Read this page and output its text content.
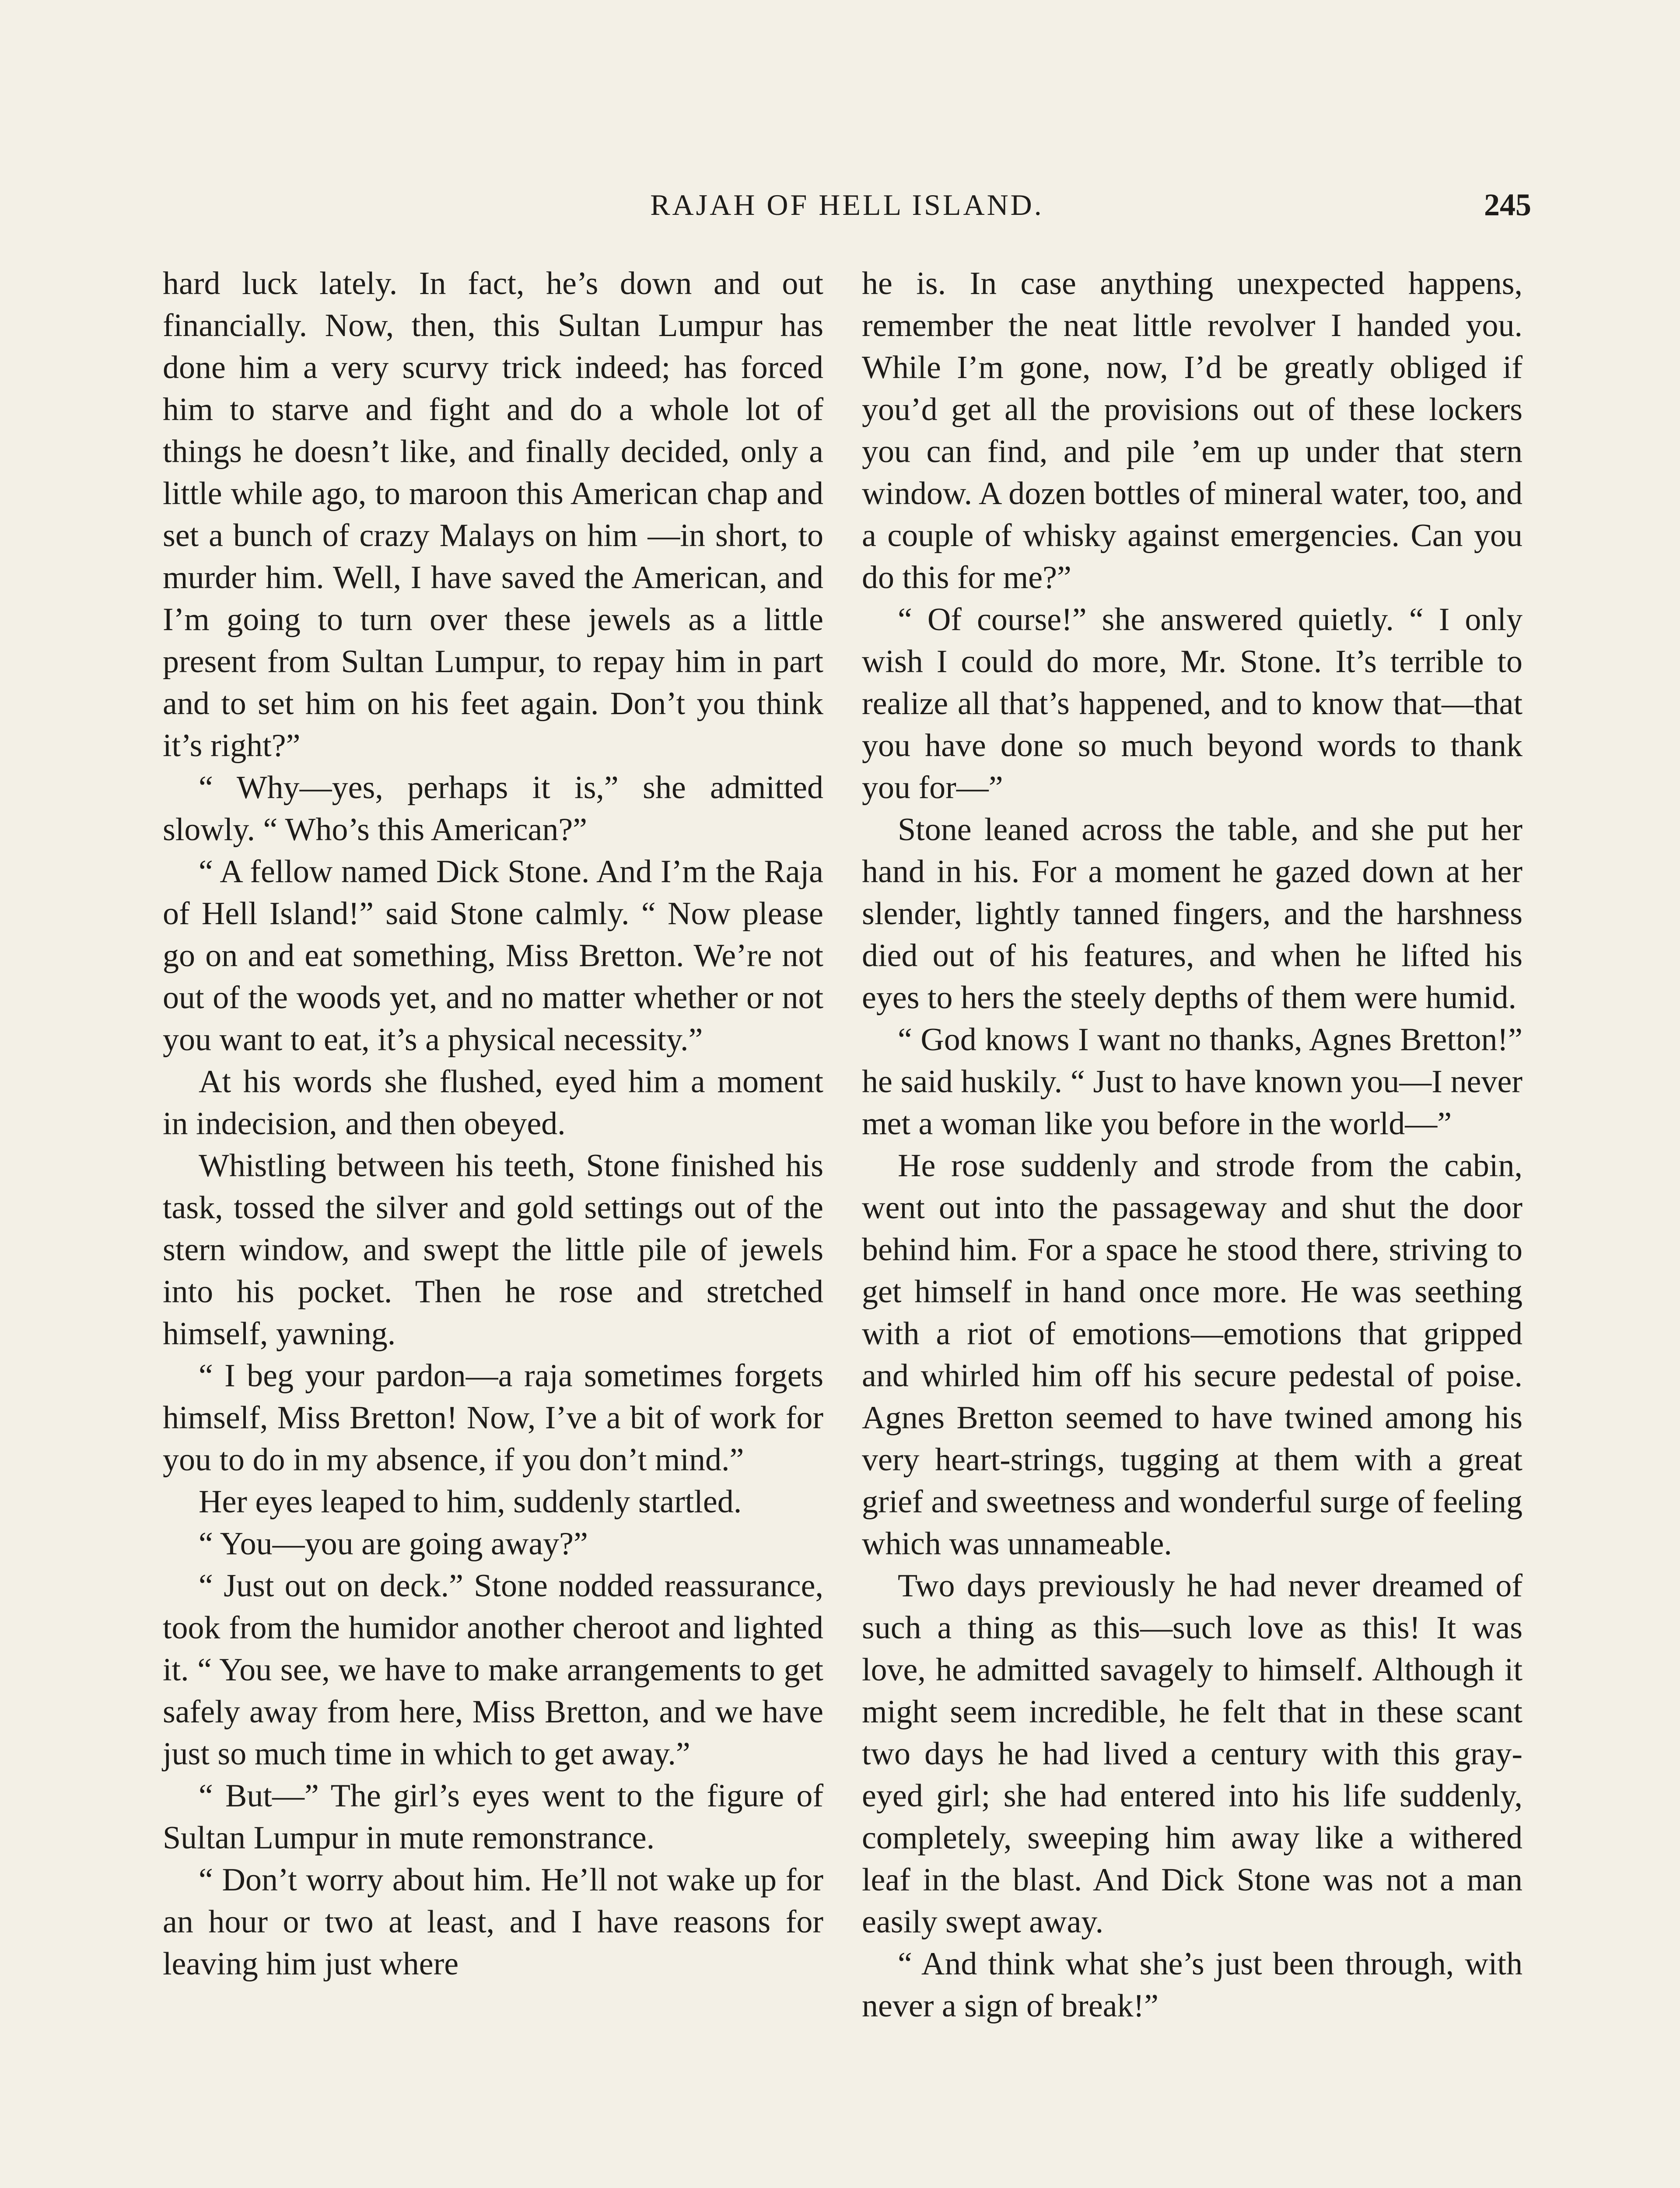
RAJAH OF HELL ISLAND.	245

hard luck lately. In fact, he’s down and out financially. Now, then, this Sultan Lumpur has done him a very scurvy trick indeed; has forced him to starve and fight and do a whole lot of things he doesn’t like, and finally decided, only a little while ago, to maroon this American chap and set a bunch of crazy Malays on him —in short, to murder him. Well, I have saved the American, and I’m going to turn over these jewels as a little present from Sultan Lumpur, to repay him in part and to set him on his feet again. Don’t you think it’s right?”

“ Why—yes, perhaps it is,” she admitted slowly. “ Who’s this American?”

“ A fellow named Dick Stone. And I’m the Raja of Hell Island!” said Stone calmly. “ Now please go on and eat something, Miss Bretton. We’re not out of the woods yet, and no matter whether or not you want to eat, it’s a physical necessity.”

At his words she flushed, eyed him a moment in indecision, and then obeyed.

Whistling between his teeth, Stone finished his task, tossed the silver and gold settings out of the stern window, and swept the little pile of jewels into his pocket. Then he rose and stretched himself, yawning.

“ I beg your pardon—a raja sometimes forgets himself, Miss Bretton! Now, I’ve a bit of work for you to do in my absence, if you don’t mind.”

Her eyes leaped to him, suddenly startled.

“ You—you are going away?”

“ Just out on deck.” Stone nodded reassurance, took from the humidor another cheroot and lighted it. “ You see, we have to make arrangements to get safely away from here, Miss Bretton, and we have just so much time in which to get away.”

“ But—” The girl’s eyes went to the figure of Sultan Lumpur in mute remonstrance.

“ Don’t worry about him. He’ll not wake up for an hour or two at least, and I have reasons for leaving him just where

he is. In case anything unexpected happens, remember the neat little revolver I handed you. While I’m gone, now, I’d be greatly obliged if you’d get all the provisions out of these lockers you can find, and pile ’em up under that stern window. A dozen bottles of mineral water, too, and a couple of whisky against emergencies. Can you do this for me?”

“ Of course!” she answered quietly. “ I only wish I could do more, Mr. Stone. It’s terrible to realize all that’s happened, and to know that—that you have done so much beyond words to thank you for—”

Stone leaned across the table, and she put her hand in his. For a moment he gazed down at her slender, lightly tanned fingers, and the harshness died out of his features, and when he lifted his eyes to hers the steely depths of them were humid.

“ God knows I want no thanks, Agnes Bretton!” he said huskily. “ Just to have known you—I never met a woman like you before in the world—”

He rose suddenly and strode from the cabin, went out into the passageway and shut the door behind him. For a space he stood there, striving to get himself in hand once more. He was seething with a riot of emotions—emotions that gripped and whirled him off his secure pedestal of poise. Agnes Bretton seemed to have twined among his very heart-strings, tugging at them with a great grief and sweetness and wonderful surge of feeling which was unnameable.

Two days previously he had never dreamed of such a thing as this—such love as this! It was love, he admitted savagely to himself. Although it might seem incredible, he felt that in these scant two days he had lived a century with this gray-eyed girl; she had entered into his life suddenly, completely, sweeping him away like a withered leaf in the blast. And Dick Stone was not a man easily swept away.

“ And think what she’s just been through, with never a sign of break!”
